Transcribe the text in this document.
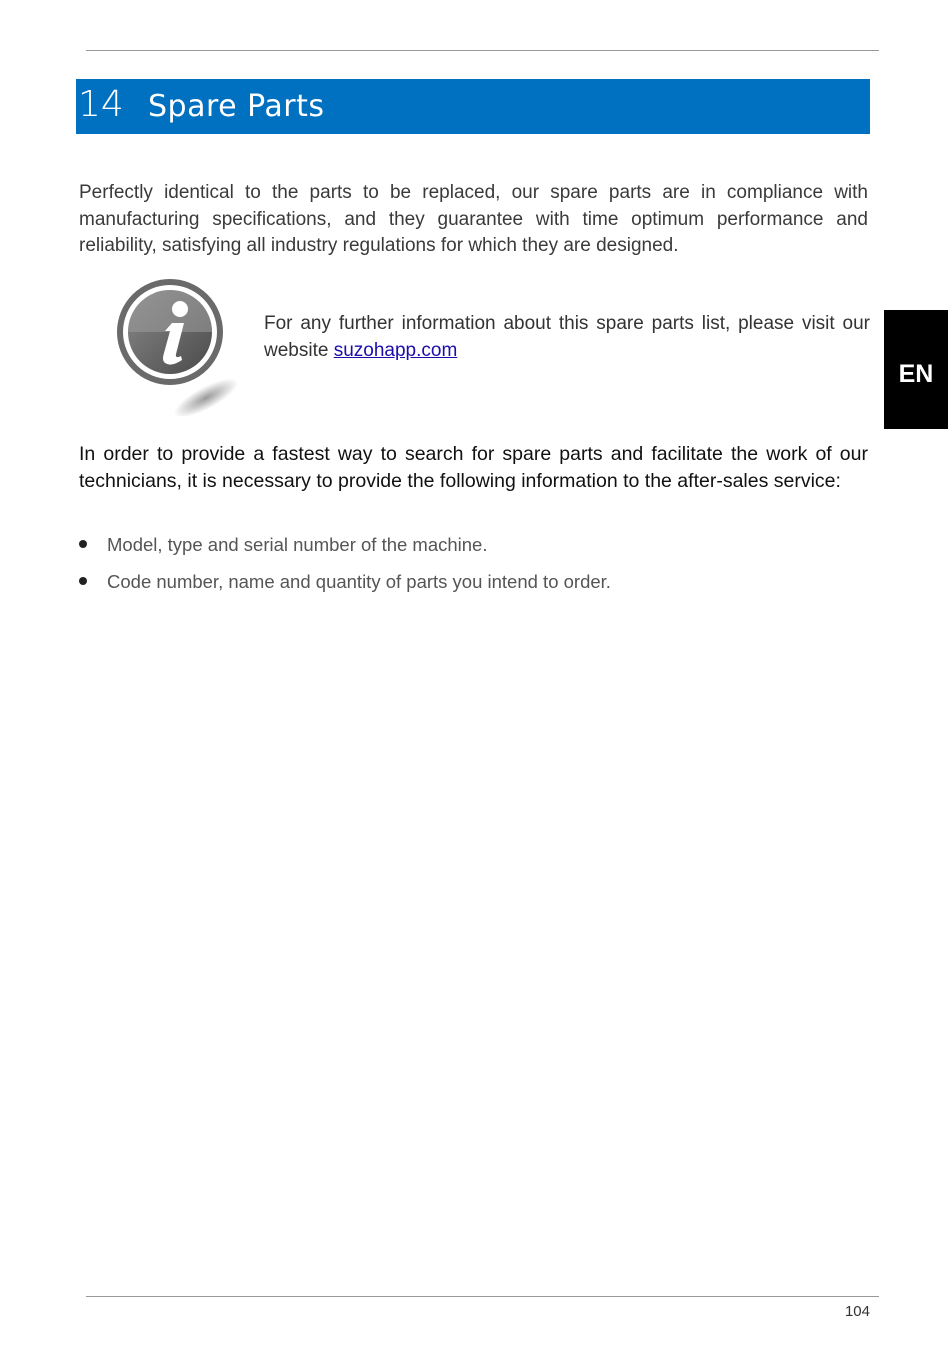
14 Spare Parts

Perfectly identical to the parts to be replaced, our spare parts are in compliance with manufacturing specifications, and they guarantee with time optimum performance and reliability, satisfying all industry regulations for which they are designed.

For any further information about this spare parts list, please visit our website suzohapp.com

EN

In order to provide a fastest way to search for spare parts and facilitate the work of our technicians, it is necessary to provide the following information to the after-sales service:

Model, type and serial number of the machine.
Code number, name and quantity of parts you intend to order.
104
